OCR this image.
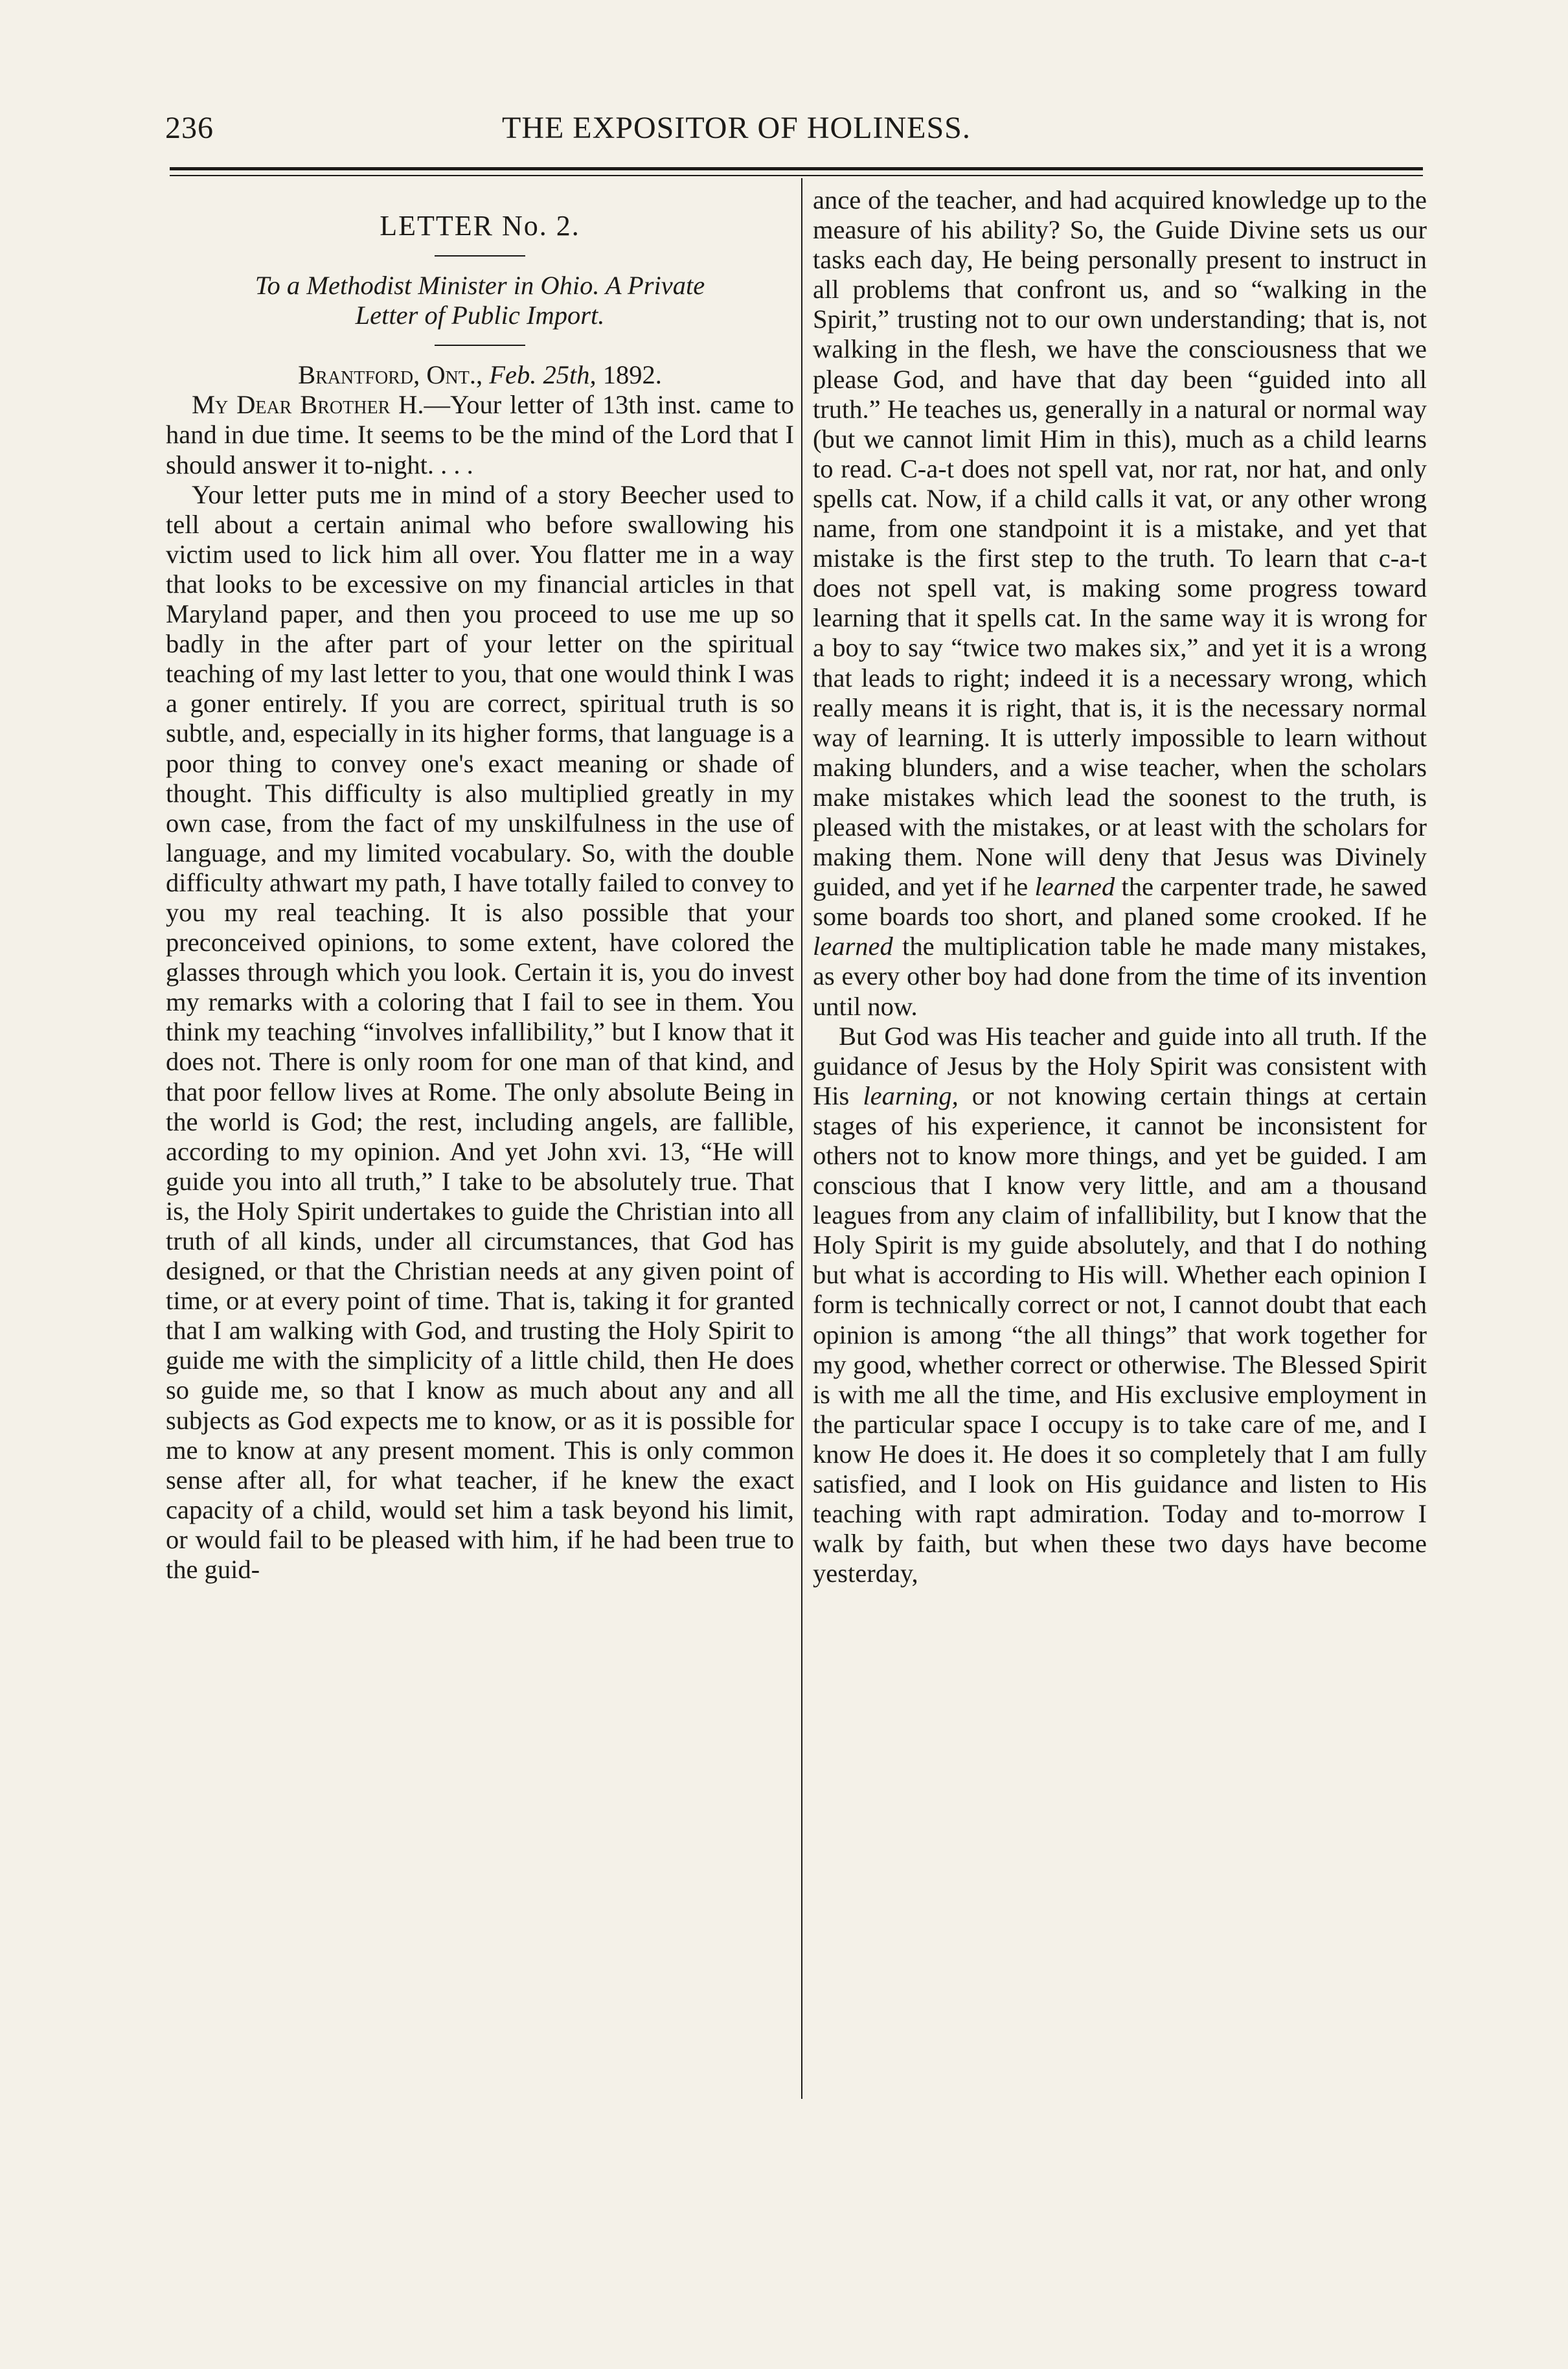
236	THE EXPOSITOR OF HOLINESS.
LETTER No. 2.
To a Methodist Minister in Ohio. A Private
Letter of Public Import.
Brantford, Ont., Feb. 25th, 1892.

My Dear Brother H.—Your letter of 13th inst. came to hand in due time. It seems to be the mind of the Lord that I should answer it to-night. . . .

Your letter puts me in mind of a story Beecher used to tell about a certain animal who before swallowing his victim used to lick him all over. You flatter me in a way that looks to be excessive on my financial articles in that Maryland paper, and then you proceed to use me up so badly in the after part of your letter on the spiritual teaching of my last letter to you, that one would think I was a goner entirely. If you are correct, spiritual truth is so subtle, and, especially in its higher forms, that language is a poor thing to convey one's exact meaning or shade of thought. This difficulty is also multiplied greatly in my own case, from the fact of my unskilfulness in the use of language, and my limited vocabulary. So, with the double difficulty athwart my path, I have totally failed to convey to you my real teaching. It is also possible that your preconceived opinions, to some extent, have colored the glasses through which you look. Certain it is, you do invest my remarks with a coloring that I fail to see in them. You think my teaching “involves infallibility,” but I know that it does not. There is only room for one man of that kind, and that poor fellow lives at Rome. The only absolute Being in the world is God; the rest, including angels, are fallible, according to my opinion. And yet John xvi. 13, “He will guide you into all truth,” I take to be absolutely true. That is, the Holy Spirit undertakes to guide the Christian into all truth of all kinds, under all circumstances, that God has designed, or that the Christian needs at any given point of time, or at every point of time. That is, taking it for granted that I am walking with God, and trusting the Holy Spirit to guide me with the simplicity of a little child, then He does so guide me, so that I know as much about any and all subjects as God expects me to know, or as it is possible for me to know at any present moment. This is only common sense after all, for what teacher, if he knew the exact capacity of a child, would set him a task beyond his limit, or would fail to be pleased with him, if he had been true to the guid-

ance of the teacher, and had acquired knowledge up to the measure of his ability? So, the Guide Divine sets us our tasks each day, He being personally present to instruct in all problems that confront us, and so “walking in the Spirit,” trusting not to our own understanding; that is, not walking in the flesh, we have the consciousness that we please God, and have that day been “guided into all truth.” He teaches us, generally in a natural or normal way (but we cannot limit Him in this), much as a child learns to read. C-a-t does not spell vat, nor rat, nor hat, and only spells cat. Now, if a child calls it vat, or any other wrong name, from one standpoint it is a mistake, and yet that mistake is the first step to the truth. To learn that c-a-t does not spell vat, is making some progress toward learning that it spells cat. In the same way it is wrong for a boy to say “twice two makes six,” and yet it is a wrong that leads to right; indeed it is a necessary wrong, which really means it is right, that is, it is the necessary normal way of learning. It is utterly impossible to learn without making blunders, and a wise teacher, when the scholars make mistakes which lead the soonest to the truth, is pleased with the mistakes, or at least with the scholars for making them. None will deny that Jesus was Divinely guided, and yet if he learned the carpenter trade, he sawed some boards too short, and planed some crooked. If he learned the multiplication table he made many mistakes, as every other boy had done from the time of its invention until now.

But God was His teacher and guide into all truth. If the guidance of Jesus by the Holy Spirit was consistent with His learning, or not knowing certain things at certain stages of his experience, it cannot be inconsistent for others not to know more things, and yet be guided. I am conscious that I know very little, and am a thousand leagues from any claim of infallibility, but I know that the Holy Spirit is my guide absolutely, and that I do nothing but what is according to His will. Whether each opinion I form is technically correct or not, I cannot doubt that each opinion is among “the all things” that work together for my good, whether correct or otherwise. The Blessed Spirit is with me all the time, and His exclusive employment in the particular space I occupy is to take care of me, and I know He does it. He does it so completely that I am fully satisfied, and I look on His guidance and listen to His teaching with rapt admiration. Today and to-morrow I walk by faith, but when these two days have become yesterday,
